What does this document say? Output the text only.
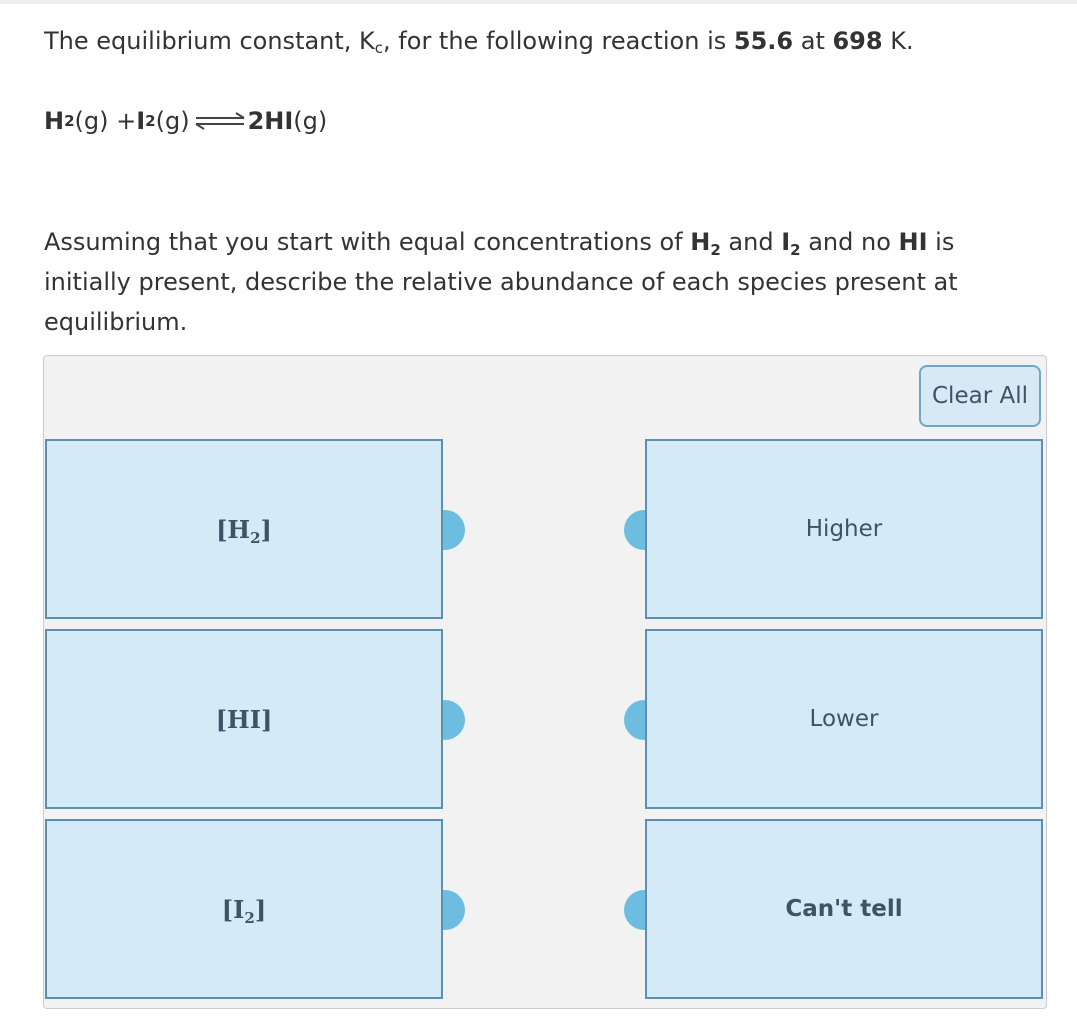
The equilibrium constant, $K_c$, for the following reaction is 55.6 at 698 K.
H 2 (g) + I 2 (g) ⇌ 2HI (g)
Assuming that you start with equal concentrations of $H_2$ and $I_2$ and no HI is initially present, describe the relative abundance of each species present at equilibrium.
Clear All
$[H_2]$
[HI]
$[I_2]$
Higher
Lower
Can't tell
